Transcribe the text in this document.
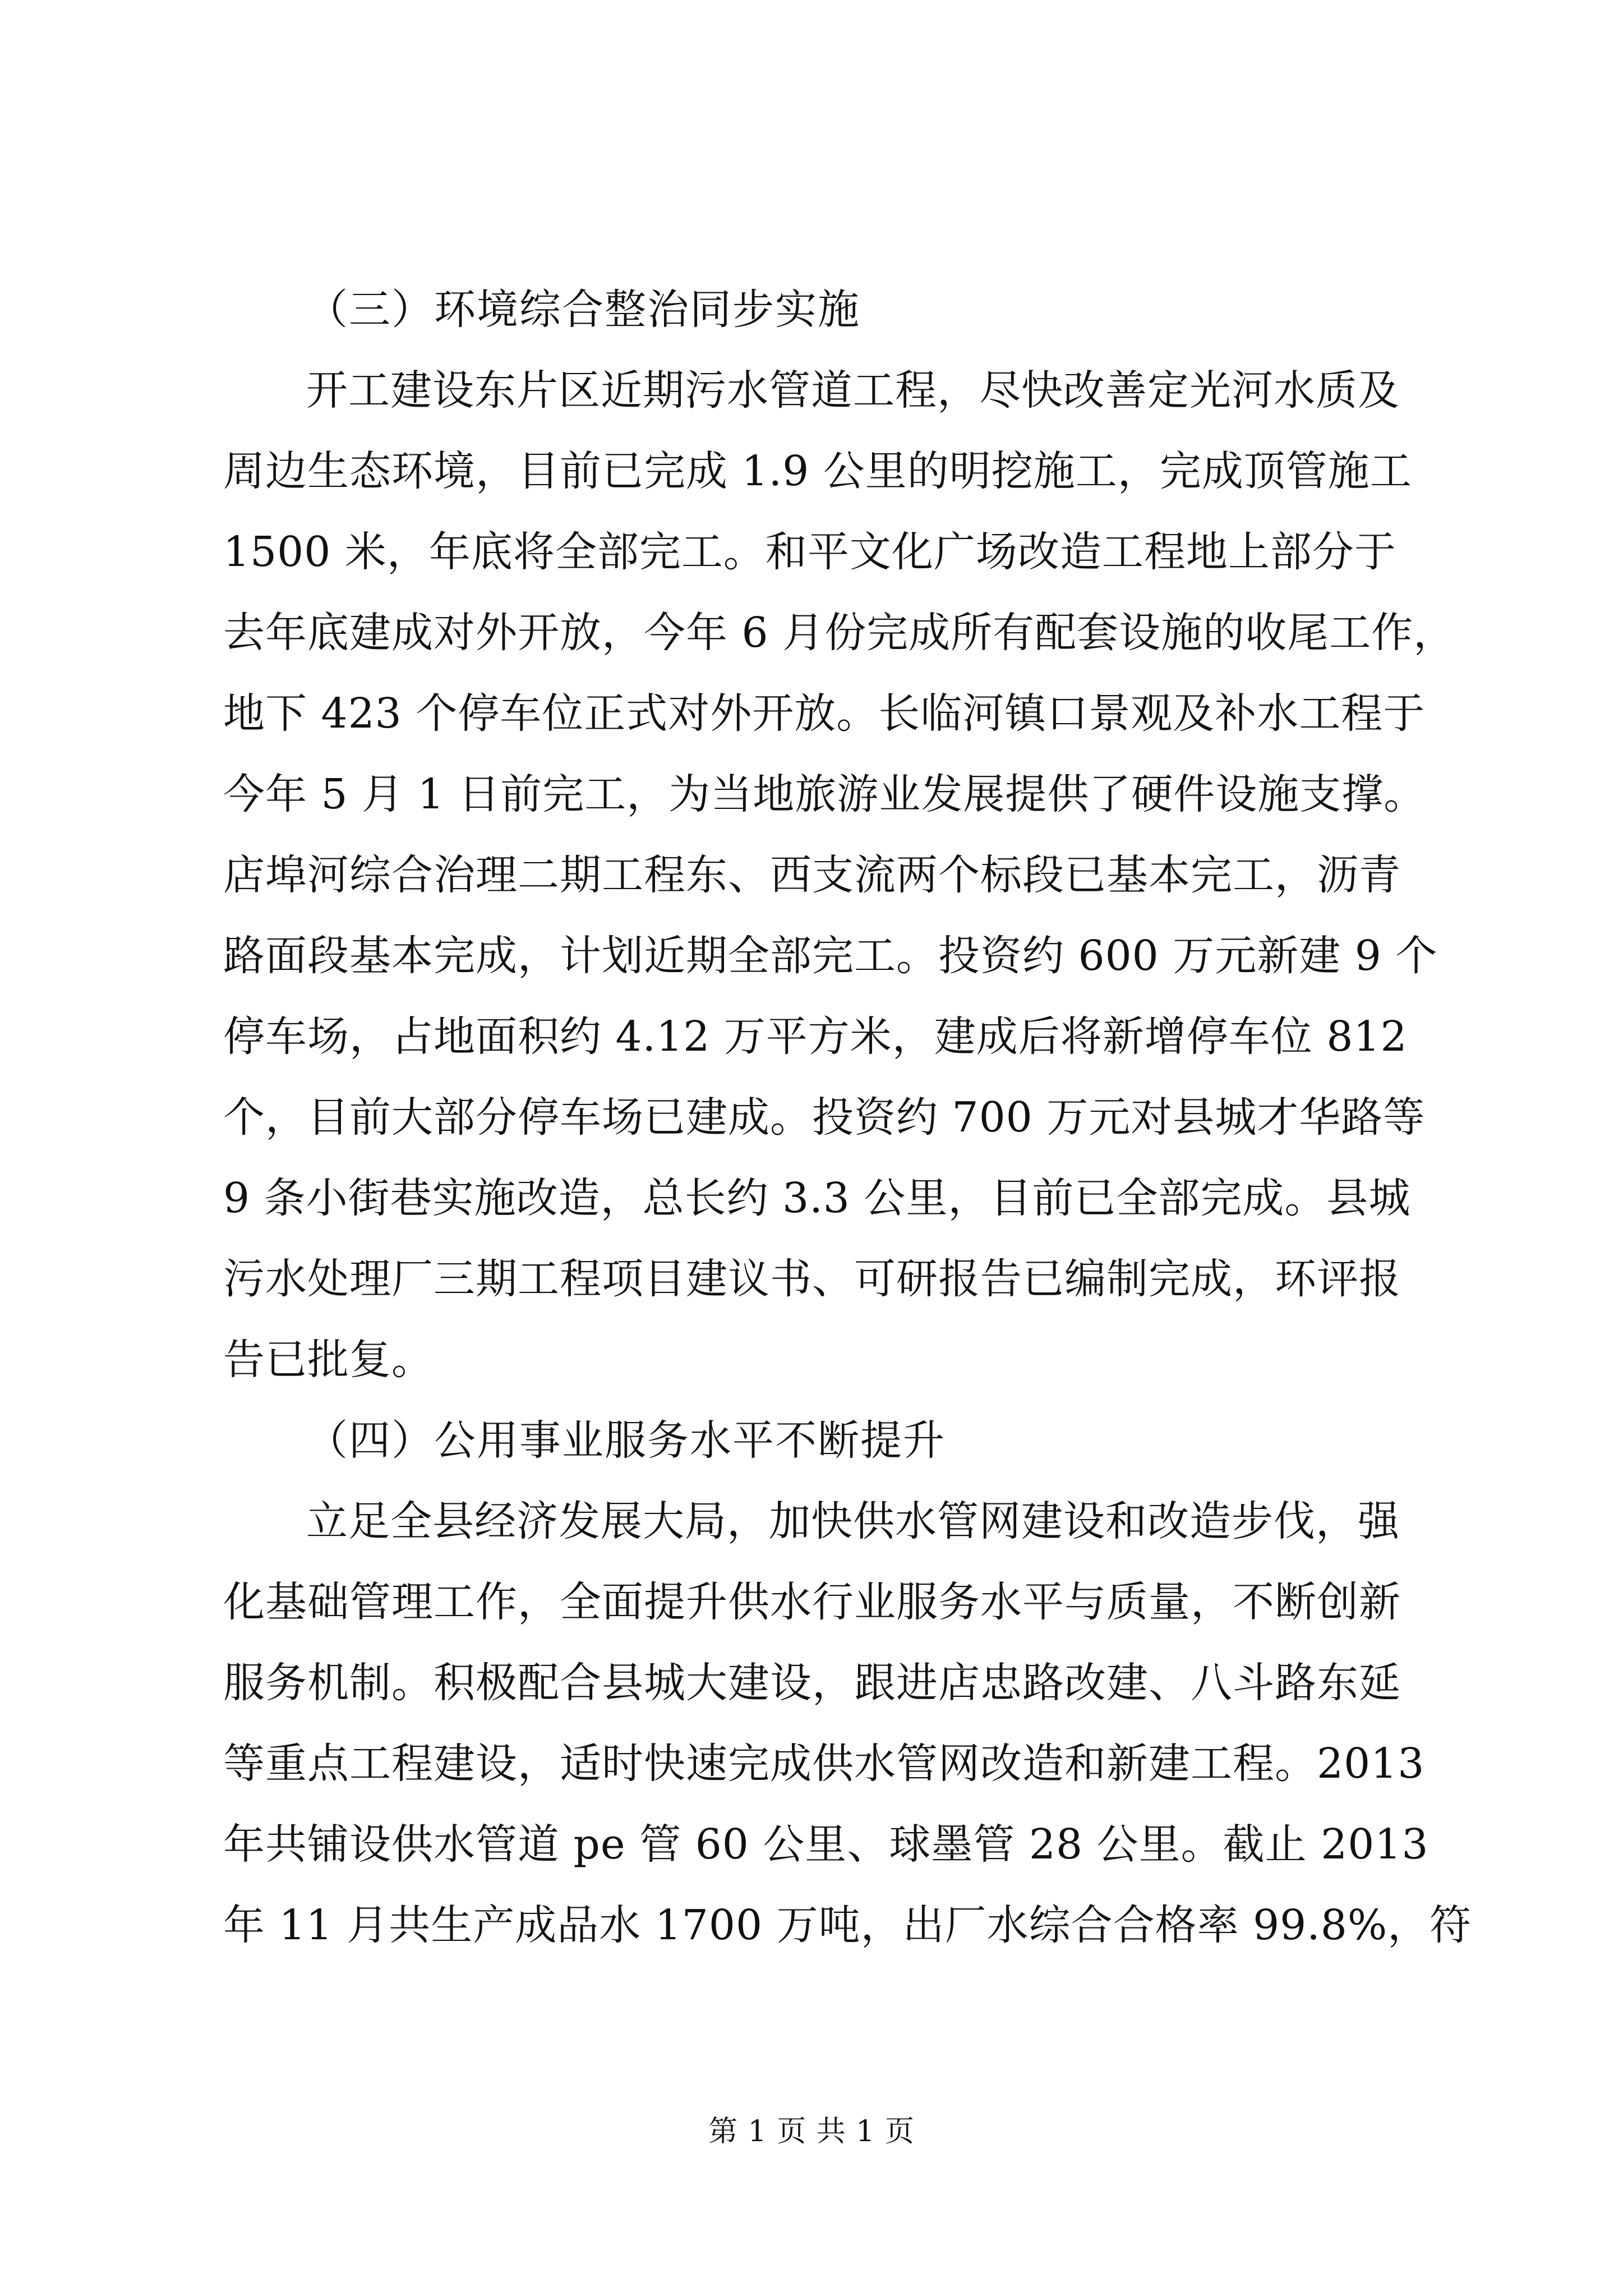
（三）环境综合整治同步实施

开工建设东片区近期污水管道工程，尽快改善定光河水质及

周边生态环境，目前已完成 1.9 公里的明挖施工，完成顶管施工

1500 米，年底将全部完工。和平文化广场改造工程地上部分于

去年底建成对外开放，今年 6 月份完成所有配套设施的收尾工作，

地下 423 个停车位正式对外开放。长临河镇口景观及补水工程于

今年 5 月 1 日前完工，为当地旅游业发展提供了硬件设施支撑。

店埠河综合治理二期工程东、西支流两个标段已基本完工，沥青

路面段基本完成，计划近期全部完工。投资约 600 万元新建 9 个

停车场，占地面积约 4.12 万平方米，建成后将新增停车位 812

个，目前大部分停车场已建成。投资约 700 万元对县城才华路等

9 条小街巷实施改造，总长约 3.3 公里，目前已全部完成。县城

污水处理厂三期工程项目建议书、可研报告已编制完成，环评报

告已批复。

（四）公用事业服务水平不断提升

立足全县经济发展大局，加快供水管网建设和改造步伐，强

化基础管理工作，全面提升供水行业服务水平与质量，不断创新

服务机制。积极配合县城大建设，跟进店忠路改建、八斗路东延

等重点工程建设，适时快速完成供水管网改造和新建工程。2013

年共铺设供水管道 pe 管 60 公里、球墨管 28 公里。截止 2013

年 11 月共生产成品水 1700 万吨，出厂水综合合格率 99.8%，符

第 1 页 共 1 页
